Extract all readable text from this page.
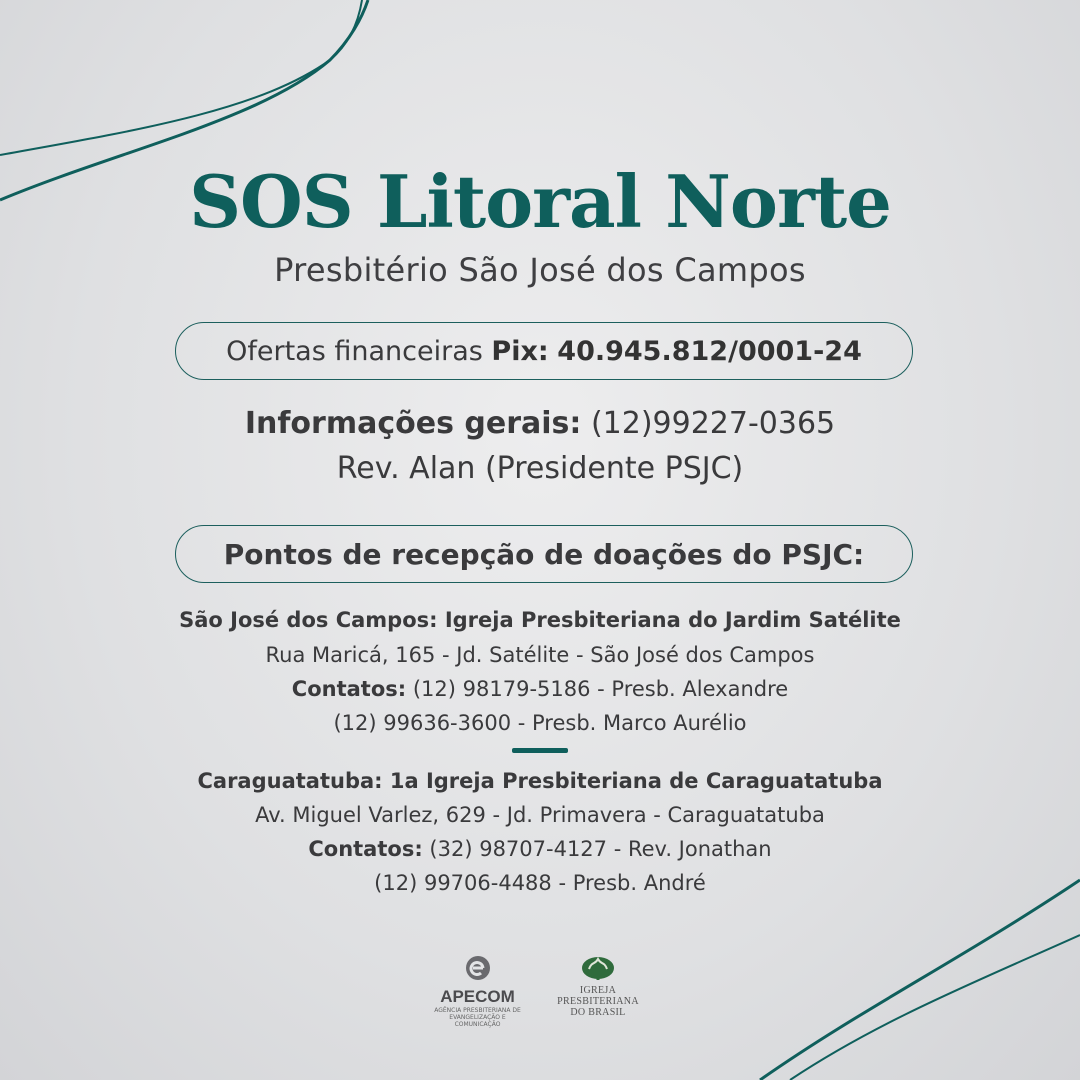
SOS Litoral Norte
Presbitério São José dos Campos
Ofertas financeiras
Pix:
40.945.812/0001-24
Informações gerais: (12)99227-0365
Rev. Alan (Presidente PSJC)
Pontos de recepção de doações do PSJC:
São José dos Campos: Igreja Presbiteriana do Jardim Satélite
Rua Maricá, 165 - Jd. Satélite - São José dos Campos
Contatos: (12) 98179-5186 - Presb. Alexandre
(12) 99636-3600 - Presb. Marco Aurélio
Caraguatatuba: 1a Igreja Presbiteriana de Caraguatatuba
Av. Miguel Varlez, 629 - Jd. Primavera - Caraguatatuba
Contatos: (32) 98707-4127 - Rev. Jonathan
(12) 99706-4488 - Presb. André
APECOM
AGÊNCIA PRESBITERIANA DE EVANGELIZAÇÃO E COMUNICAÇÃO
IGREJA
PRESBITERIANA
DO BRASIL
